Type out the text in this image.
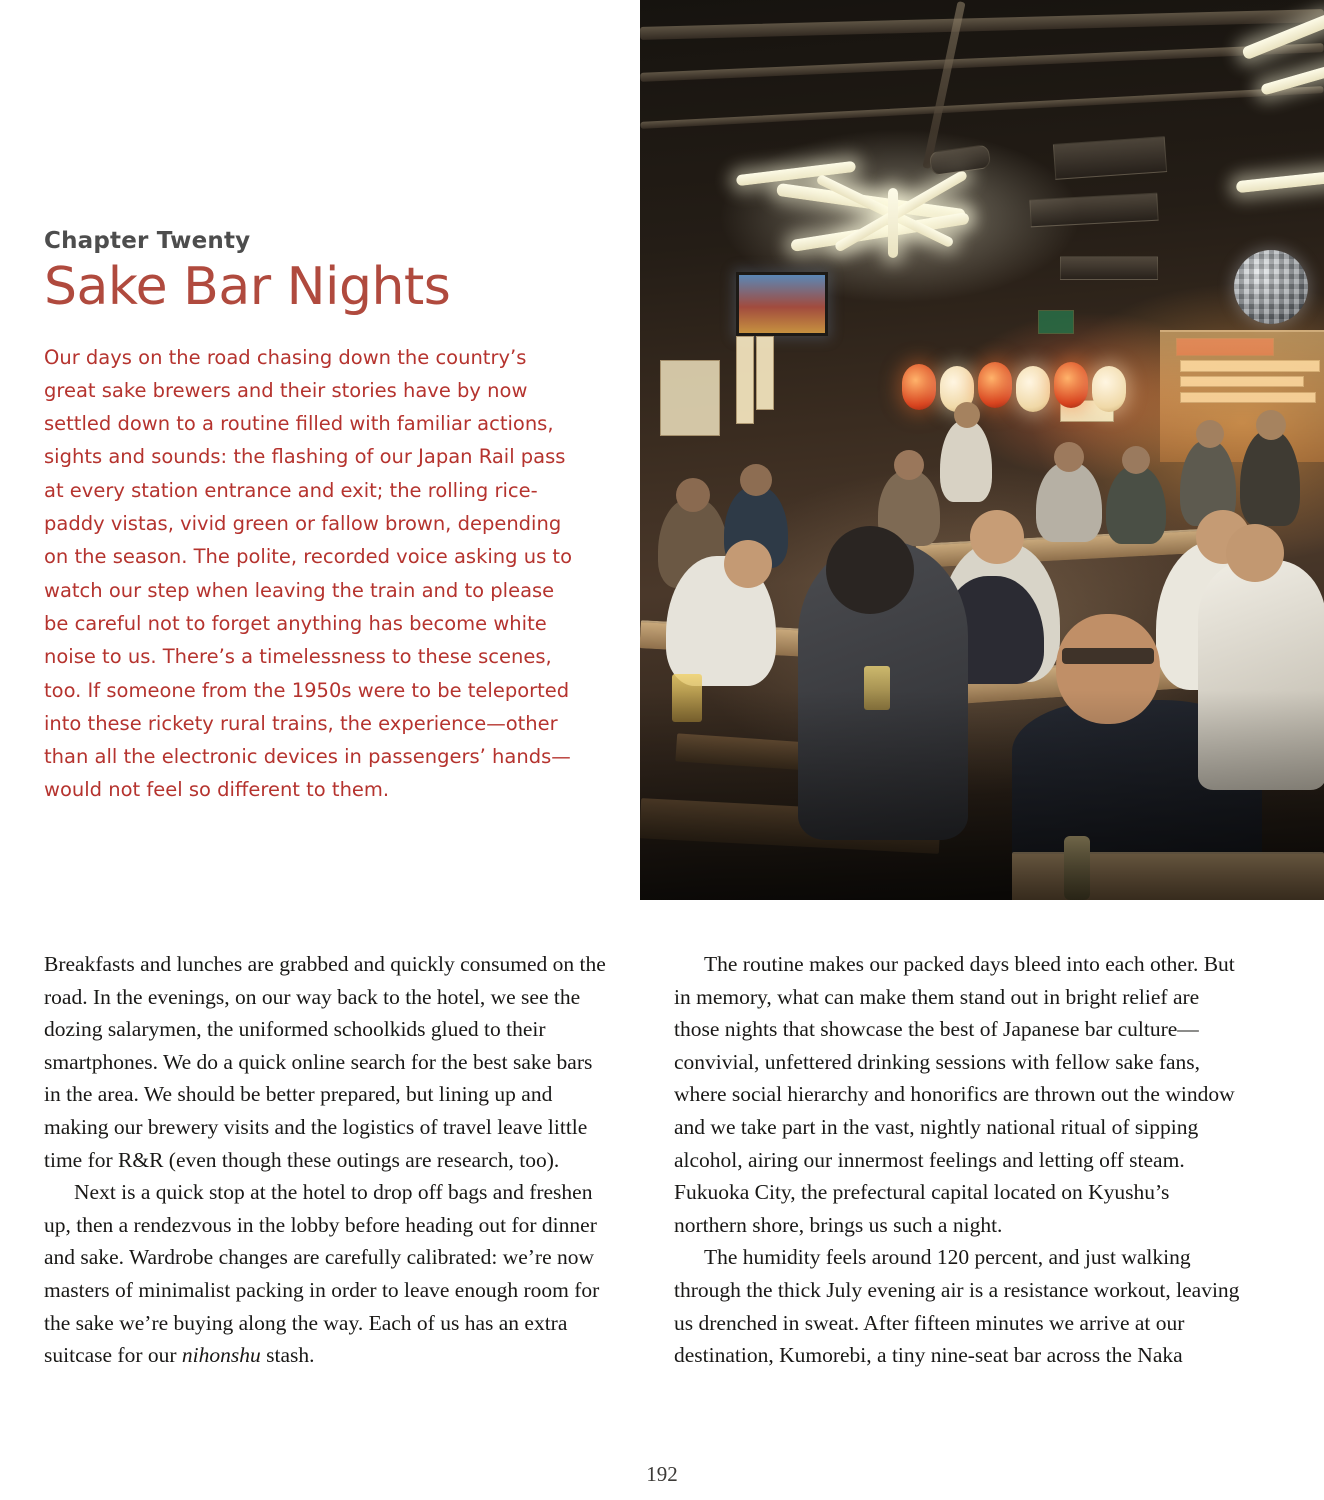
Chapter Twenty
Sake Bar Nights

Our days on the road chasing down the country’s great sake brewers and their stories have by now settled down to a routine filled with familiar actions, sights and sounds: the flashing of our Japan Rail pass at every station entrance and exit; the rolling rice-paddy vistas, vivid green or fallow brown, depending on the season. The polite, recorded voice asking us to watch our step when leaving the train and to please be careful not to forget anything has become white noise to us. There’s a timelessness to these scenes, too. If someone from the 1950s were to be teleported into these rickety rural trains, the experience—other than all the electronic devices in passengers’ hands—would not feel so different to them.

Breakfasts and lunches are grabbed and quickly consumed on the road. In the evenings, on our way back to the hotel, we see the dozing salarymen, the uniformed schoolkids glued to their smartphones. We do a quick online search for the best sake bars in the area. We should be better prepared, but lining up and making our brewery visits and the logistics of travel leave little time for R&R (even though these outings are research, too).

Next is a quick stop at the hotel to drop off bags and freshen up, then a rendezvous in the lobby before heading out for dinner and sake. Wardrobe changes are carefully calibrated: we’re now masters of minimalist packing in order to leave enough room for the sake we’re buying along the way. Each of us has an extra suitcase for our nihonshu stash.

The routine makes our packed days bleed into each other. But in memory, what can make them stand out in bright relief are those nights that showcase the best of Japanese bar culture—convivial, unfettered drinking sessions with fellow sake fans, where social hierarchy and honorifics are thrown out the window and we take part in the vast, nightly national ritual of sipping alcohol, airing our innermost feelings and letting off steam. Fukuoka City, the prefectural capital located on Kyushu’s northern shore, brings us such a night.

The humidity feels around 120 percent, and just walking through the thick July evening air is a resistance workout, leaving us drenched in sweat. After fifteen minutes we arrive at our destination, Kumorebi, a tiny nine-seat bar across the Naka

192
